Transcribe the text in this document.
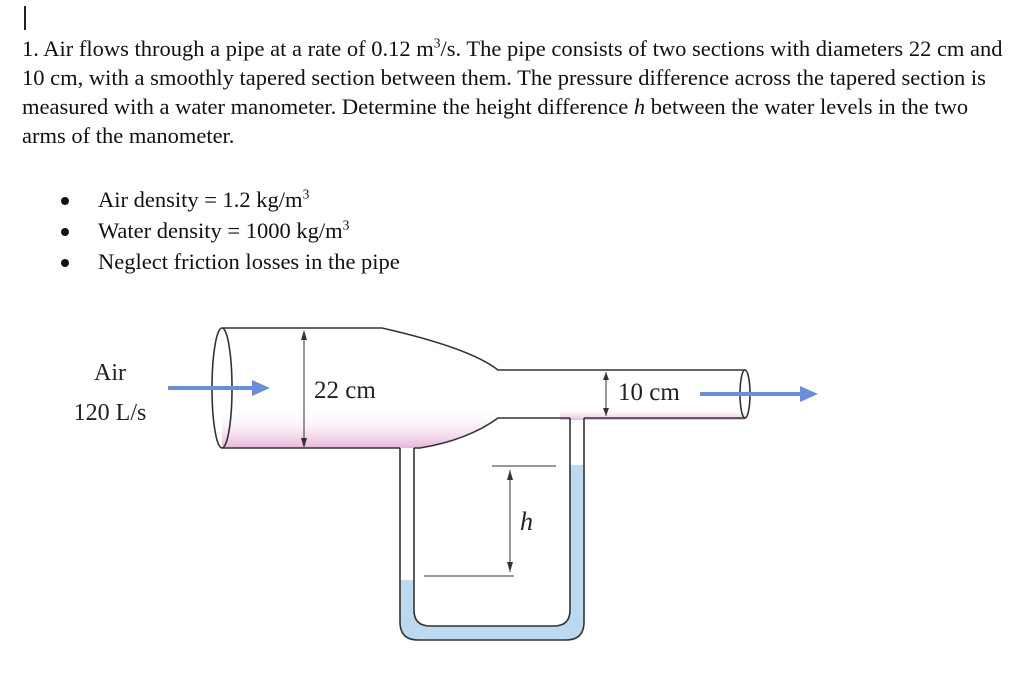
1. Air flows through a pipe at a rate of 0.12 $m^3/s$. The pipe consists of two sections with diameters 22 cm and 10 cm, with a smoothly tapered section between them. The pressure difference across the tapered section is measured with a water manometer. Determine the height difference h between the water levels in the two arms of the manometer.

Air density = 1.2 $kg/m^3$
Water density = 1000 $kg/m^3$
Neglect friction losses in the pipe
Air
120 L/s
22 cm	10 cm
h
